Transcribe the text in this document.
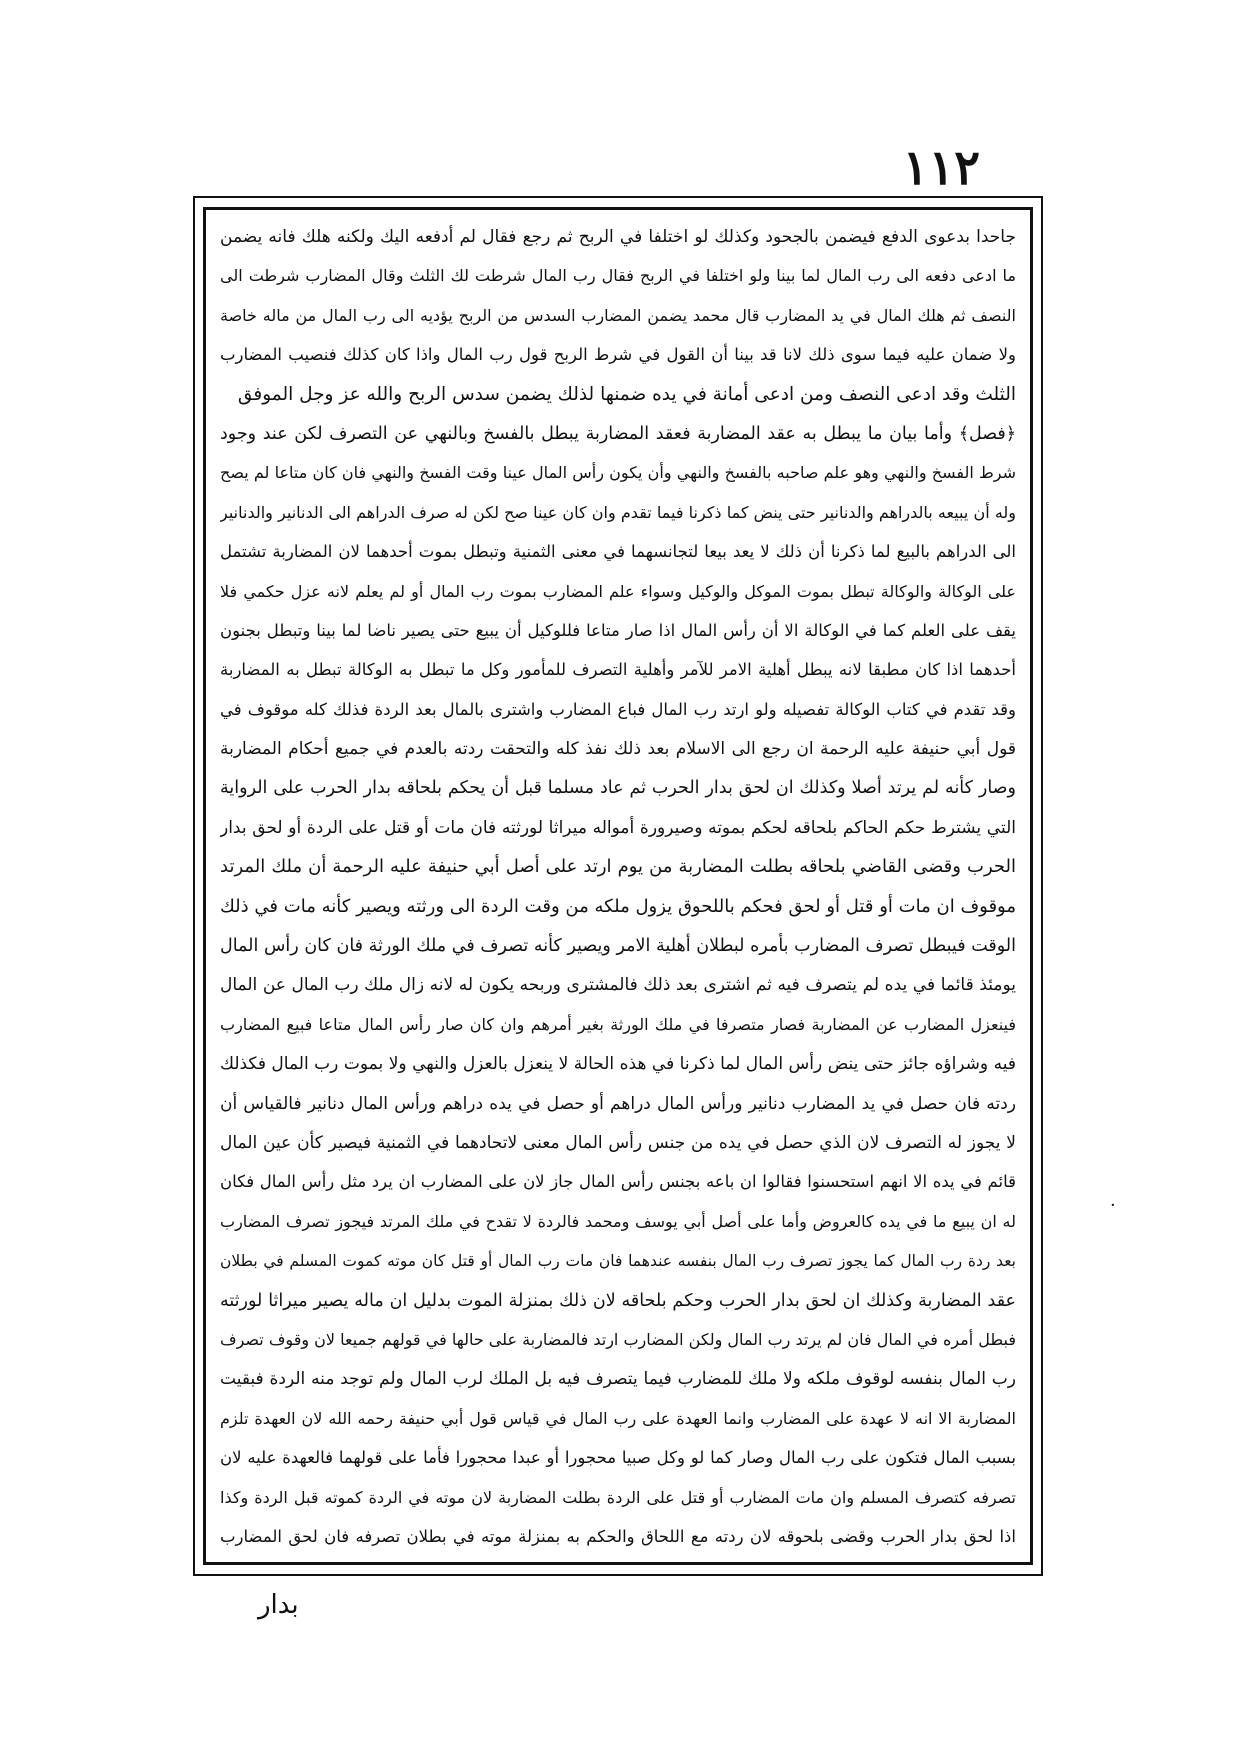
١١٢
جاحدا بدعوى الدفع فيضمن بالجحود وكذلك لو اختلفا في الربح ثم رجع فقال لم أدفعه اليك ولكنه هلك فانه يضمن
ما ادعى دفعه الى رب المال لما بينا ولو اختلفا في الربح فقال رب المال شرطت لك الثلث وقال المضارب شرطت الى
النصف ثم هلك المال في يد المضارب قال محمد يضمن المضارب السدس من الربح يؤديه الى رب المال من ماله خاصة
ولا ضمان عليه فيما سوى ذلك لانا قد بينا أن القول في شرط الربح قول رب المال واذا كان كذلك فنصيب المضارب
الثلث وقد ادعى النصف ومن ادعى أمانة في يده ضمنها لذلك يضمن سدس الربح والله عز وجل الموفق
﴿فصل﴾ وأما بيان ما يبطل به عقد المضاربة فعقد المضاربة يبطل بالفسخ وبالنهي عن التصرف لكن عند وجود
شرط الفسخ والنهي وهو علم صاحبه بالفسخ والنهي وأن يكون رأس المال عينا وقت الفسخ والنهي فان كان متاعا لم يصح
وله أن يبيعه بالدراهم والدنانير حتى ينض كما ذكرنا فيما تقدم وان كان عينا صح لكن له صرف الدراهم الى الدنانير والدنانير
الى الدراهم بالبيع لما ذكرنا أن ذلك لا يعد بيعا لتجانسهما في معنى الثمنية وتبطل بموت أحدهما لان المضاربة تشتمل
على الوكالة والوكالة تبطل بموت الموكل والوكيل وسواء علم المضارب بموت رب المال أو لم يعلم لانه عزل حكمي فلا
يقف على العلم كما في الوكالة الا أن رأس المال اذا صار متاعا فللوكيل أن يبيع حتى يصير ناضا لما بينا وتبطل بجنون
أحدهما اذا كان مطبقا لانه يبطل أهلية الامر للآمر وأهلية التصرف للمأمور وكل ما تبطل به الوكالة تبطل به المضاربة
وقد تقدم في كتاب الوكالة تفصيله ولو ارتد رب المال فباع المضارب واشترى بالمال بعد الردة فذلك كله موقوف في
قول أبي حنيفة عليه الرحمة ان رجع الى الاسلام بعد ذلك نفذ كله والتحقت ردته بالعدم في جميع أحكام المضاربة
وصار كأنه لم يرتد أصلا وكذلك ان لحق بدار الحرب ثم عاد مسلما قبل أن يحكم بلحاقه بدار الحرب على الرواية
التي يشترط حكم الحاكم بلحاقه لحكم بموته وصيرورة أمواله ميراثا لورثته فان مات أو قتل على الردة أو لحق بدار
الحرب وقضى القاضي بلحاقه بطلت المضاربة من يوم ارتد على أصل أبي حنيفة عليه الرحمة أن ملك المرتد
موقوف ان مات أو قتل أو لحق فحكم باللحوق يزول ملكه من وقت الردة الى ورثته ويصير كأنه مات في ذلك
الوقت فيبطل تصرف المضارب بأمره لبطلان أهلية الامر ويصير كأنه تصرف في ملك الورثة فان كان رأس المال
يومئذ قائما في يده لم يتصرف فيه ثم اشترى بعد ذلك فالمشترى وربحه يكون له لانه زال ملك رب المال عن المال
فينعزل المضارب عن المضاربة فصار متصرفا في ملك الورثة بغير أمرهم وان كان صار رأس المال متاعا فبيع المضارب
فيه وشراؤه جائز حتى ينض رأس المال لما ذكرنا في هذه الحالة لا ينعزل بالعزل والنهي ولا بموت رب المال فكذلك
ردته فان حصل في يد المضارب دنانير ورأس المال دراهم أو حصل في يده دراهم ورأس المال دنانير فالقياس أن
لا يجوز له التصرف لان الذي حصل في يده من جنس رأس المال معنى لاتحادهما في الثمنية فيصير كأن عين المال
قائم في يده الا انهم استحسنوا فقالوا ان باعه بجنس رأس المال جاز لان على المضارب ان يرد مثل رأس المال فكان
له ان يبيع ما في يده كالعروض وأما على أصل أبي يوسف ومحمد فالردة لا تقدح في ملك المرتد فيجوز تصرف المضارب
بعد ردة رب المال كما يجوز تصرف رب المال بنفسه عندهما فان مات رب المال أو قتل كان موته كموت المسلم في بطلان
عقد المضاربة وكذلك ان لحق بدار الحرب وحكم بلحاقه لان ذلك بمنزلة الموت بدليل ان ماله يصير ميراثا لورثته
فبطل أمره في المال فان لم يرتد رب المال ولكن المضارب ارتد فالمضاربة على حالها في قولهم جميعا لان وقوف تصرف
رب المال بنفسه لوقوف ملكه ولا ملك للمضارب فيما يتصرف فيه بل الملك لرب المال ولم توجد منه الردة فبقيت
المضاربة الا انه لا عهدة على المضارب وانما العهدة على رب المال في قياس قول أبي حنيفة رحمه الله لان العهدة تلزم
بسبب المال فتكون على رب المال وصار كما لو وكل صبيا محجورا أو عبدا محجورا فأما على قولهما فالعهدة عليه لان
تصرفه كتصرف المسلم وان مات المضارب أو قتل على الردة بطلت المضاربة لان موته في الردة كموته قبل الردة وكذا
اذا لحق بدار الحرب وقضى بلحوقه لان ردته مع اللحاق والحكم به بمنزلة موته في بطلان تصرفه فان لحق المضارب
·
بدار
